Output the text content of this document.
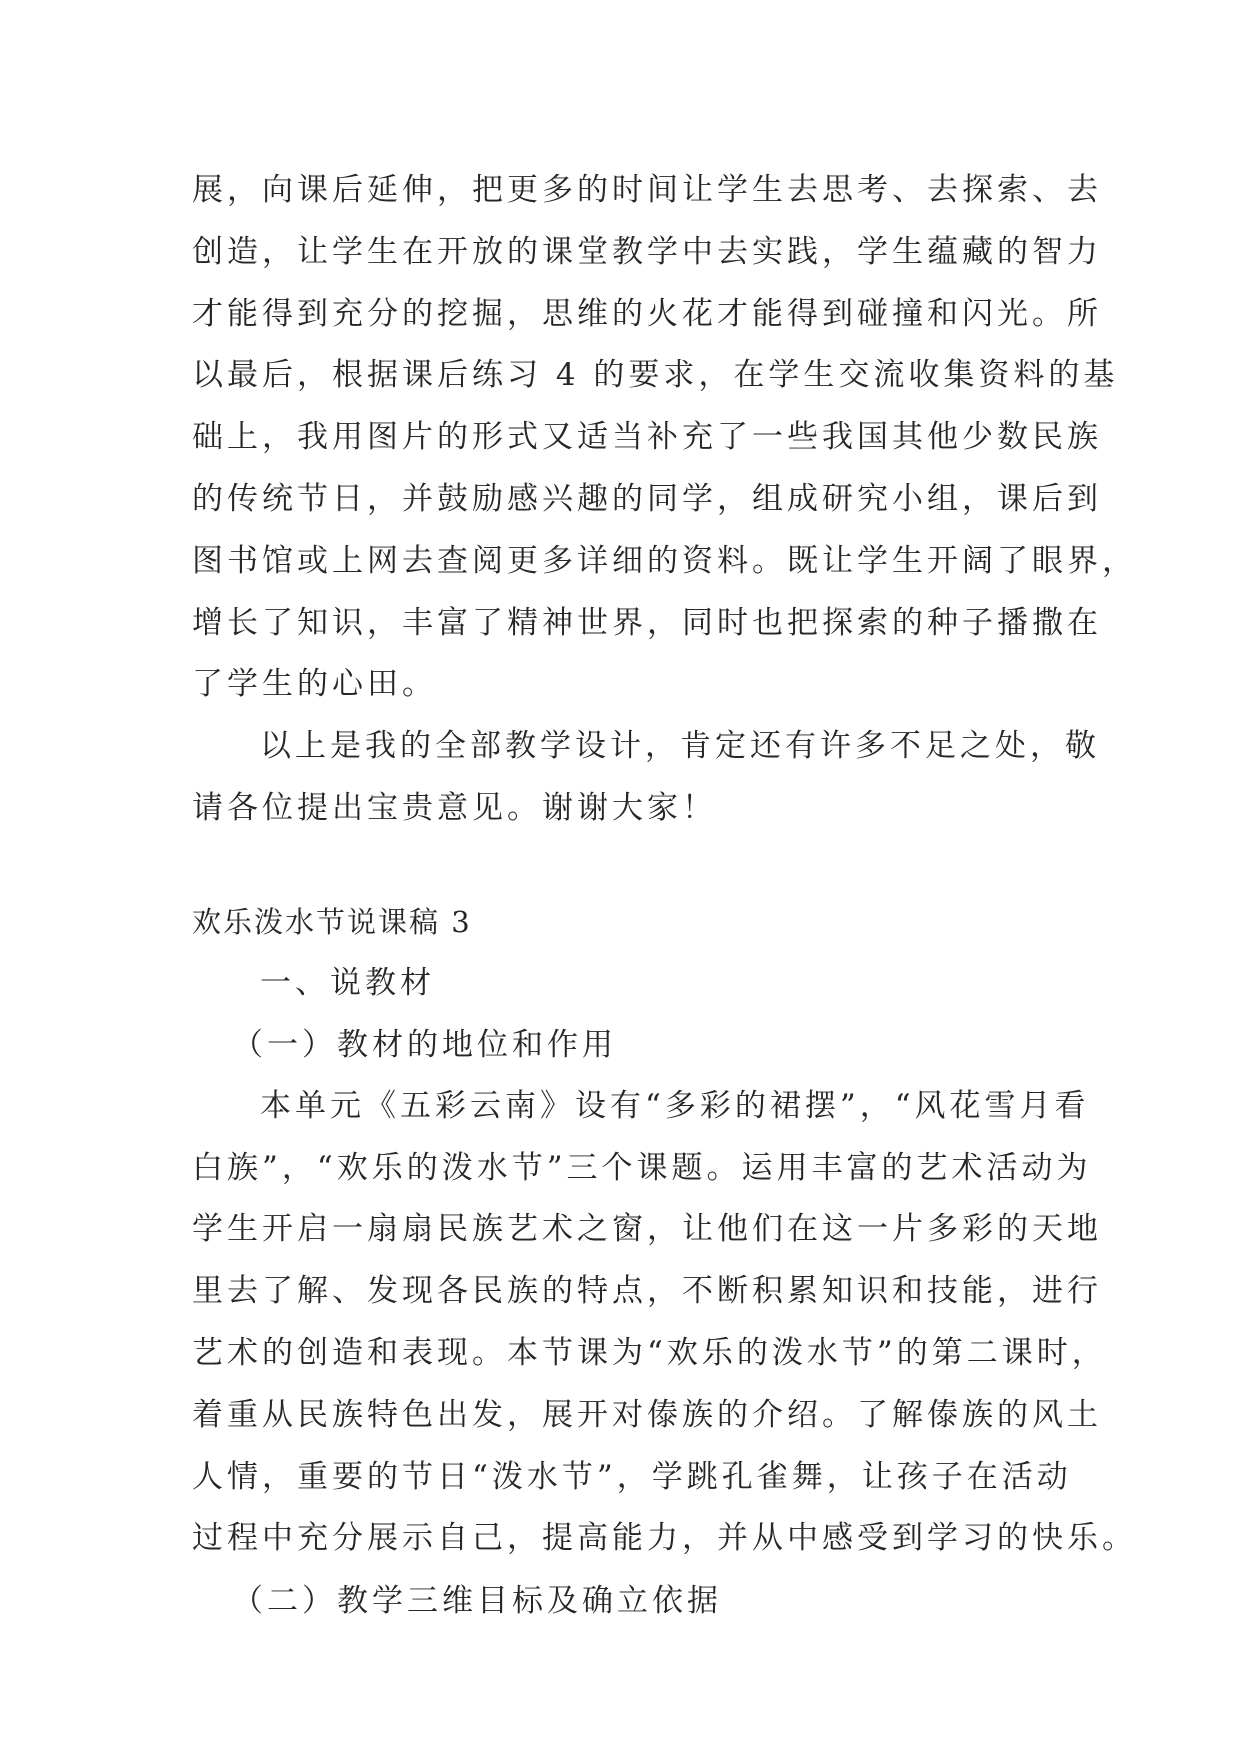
展，向课后延伸，把更多的时间让学生去思考、去探索、去
创造，让学生在开放的课堂教学中去实践，学生蕴藏的智力
才能得到充分的挖掘，思维的火花才能得到碰撞和闪光。所
以最后，根据课后练习 4 的要求，在学生交流收集资料的基
础上，我用图片的形式又适当补充了一些我国其他少数民族
的传统节日，并鼓励感兴趣的同学，组成研究小组，课后到
图书馆或上网去查阅更多详细的资料。既让学生开阔了眼界，
增长了知识，丰富了精神世界，同时也把探索的种子播撒在
了学生的心田。
以上是我的全部教学设计，肯定还有许多不足之处，敬
请各位提出宝贵意见。谢谢大家！
欢乐泼水节说课稿 3
一、说教材
（一）教材的地位和作用
本单元《五彩云南》设有“多彩的裙摆”，“风花雪月看
白族”，“欢乐的泼水节”三个课题。运用丰富的艺术活动为
学生开启一扇扇民族艺术之窗，让他们在这一片多彩的天地
里去了解、发现各民族的特点，不断积累知识和技能，进行
艺术的创造和表现。本节课为“欢乐的泼水节”的第二课时，
着重从民族特色出发，展开对傣族的介绍。了解傣族的风土
人情，重要的节日“泼水节”，学跳孔雀舞，让孩子在活动
过程中充分展示自己，提高能力，并从中感受到学习的快乐。
（二）教学三维目标及确立依据
